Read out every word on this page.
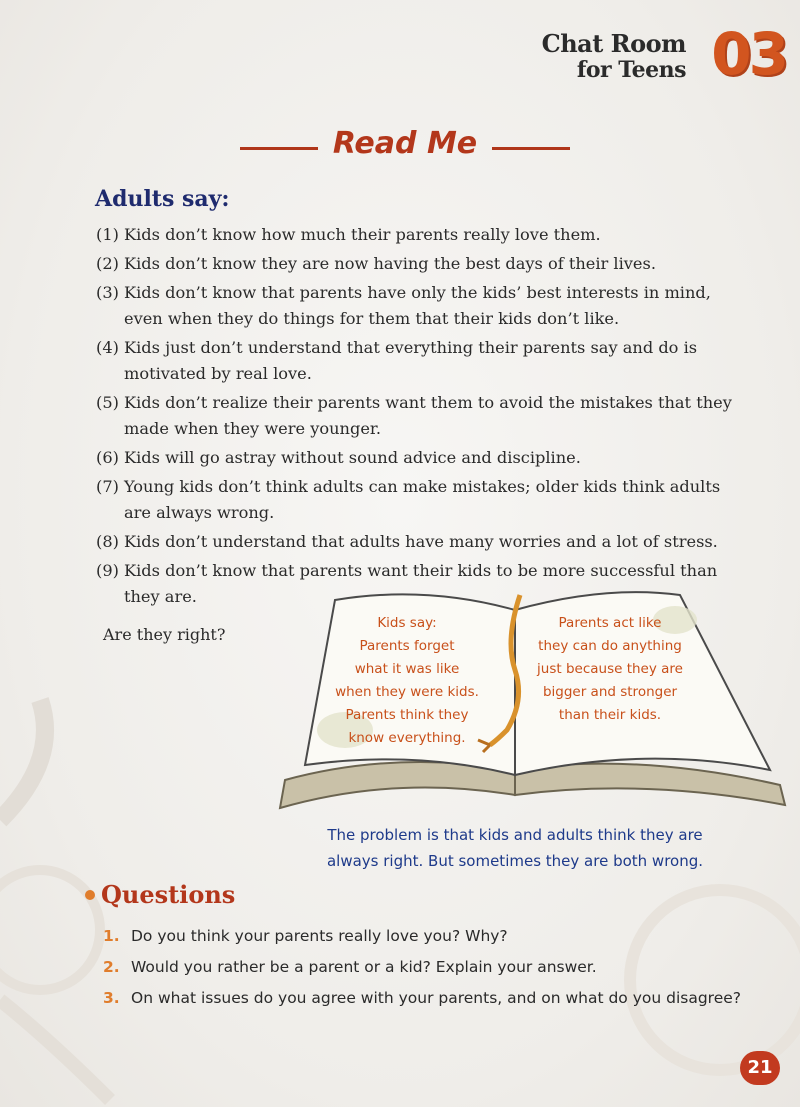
Chat Room
for Teens 03
Read Me
Adults say:
(1) Kids don’t know how much their parents really love them.
(2) Kids don’t know they are now having the best days of their lives.
(3) Kids don’t know that parents have only the kids’ best interests in mind, even when they do things for them that their kids don’t like.
(4) Kids just don’t understand that everything their parents say and do is motivated by real love.
(5) Kids don’t realize their parents want them to avoid the mistakes that they made when they were younger.
(6) Kids will go astray without sound advice and discipline.
(7) Young kids don’t think adults can make mistakes; older kids think adults are always wrong.
(8) Kids don’t understand that adults have many worries and a lot of stress.
(9) Kids don’t know that parents want their kids to be more successful than they are.
Are they right?
Kids say:
Parents forget
what it was like
when they were kids.
Parents think they
know everything.
Parents act like
they can do anything
just because they are
bigger and stronger
than their kids.
The problem is that kids and adults think they are
always right. But sometimes they are both wrong.
Questions
1. Do you think your parents really love you? Why?
2. Would you rather be a parent or a kid? Explain your answer.
3. On what issues do you agree with your parents, and on what do you disagree?
21
